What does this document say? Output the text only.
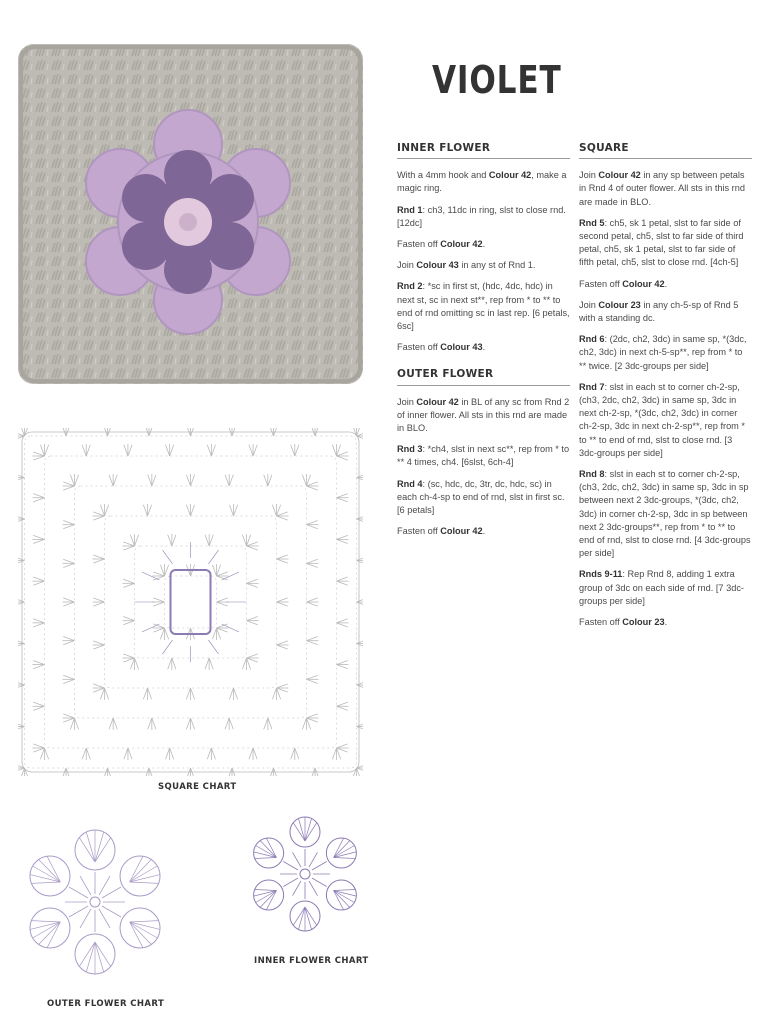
VIOLET
INNER FLOWER

With a 4mm hook and Colour 42, make a magic ring.

Rnd 1: ch3, 11dc in ring, slst to close rnd. [12dc]

Fasten off Colour 42.

Join Colour 43 in any st of Rnd 1.

Rnd 2: *sc in first st, (hdc, 4dc, hdc) in next st, sc in next st**, rep from * to ** to end of rnd omitting sc in last rep. [6 petals, 6sc]

Fasten off Colour 43.

OUTER FLOWER

Join Colour 42 in BL of any sc from Rnd 2 of inner flower. All sts in this rnd are made in BLO.

Rnd 3: *ch4, slst in next sc**, rep from * to ** 4 times, ch4. [6slst, 6ch-4]

Rnd 4: (sc, hdc, dc, 3tr, dc, hdc, sc) in each ch-4-sp to end of rnd, slst in first sc. [6 petals]

Fasten off Colour 42.

SQUARE

Join Colour 42 in any sp between petals in Rnd 4 of outer flower. All sts in this rnd are made in BLO.

Rnd 5: ch5, sk 1 petal, slst to far side of second petal, ch5, slst to far side of third petal, ch5, sk 1 petal, slst to far side of fifth petal, ch5, slst to close rnd. [4ch-5]

Fasten off Colour 42.

Join Colour 23 in any ch-5-sp of Rnd 5 with a standing dc.

Rnd 6: (2dc, ch2, 3dc) in same sp, *(3dc, ch2, 3dc) in next ch-5-sp**, rep from * to ** twice. [2 3dc-groups per side]

Rnd 7: slst in each st to corner ch-2-sp, (ch3, 2dc, ch2, 3dc) in same sp, 3dc in next ch-2-sp, *(3dc, ch2, 3dc) in corner ch-2-sp, 3dc in next ch-2-sp**, rep from * to ** to end of rnd, slst to close rnd. [3 3dc-groups per side]

Rnd 8: slst in each st to corner ch-2-sp, (ch3, 2dc, ch2, 3dc) in same sp, 3dc in sp between next 2 3dc-groups, *(3dc, ch2, 3dc) in corner ch-2-sp, 3dc in sp between next 2 3dc-groups**, rep from * to ** to end of rnd, slst to close rnd. [4 3dc-groups per side]

Rnds 9-11: Rep Rnd 8, adding 1 extra group of 3dc on each side of rnd. [7 3dc-groups per side]

Fasten off Colour 23.

SQUARE CHART
OUTER FLOWER CHART
INNER FLOWER CHART
